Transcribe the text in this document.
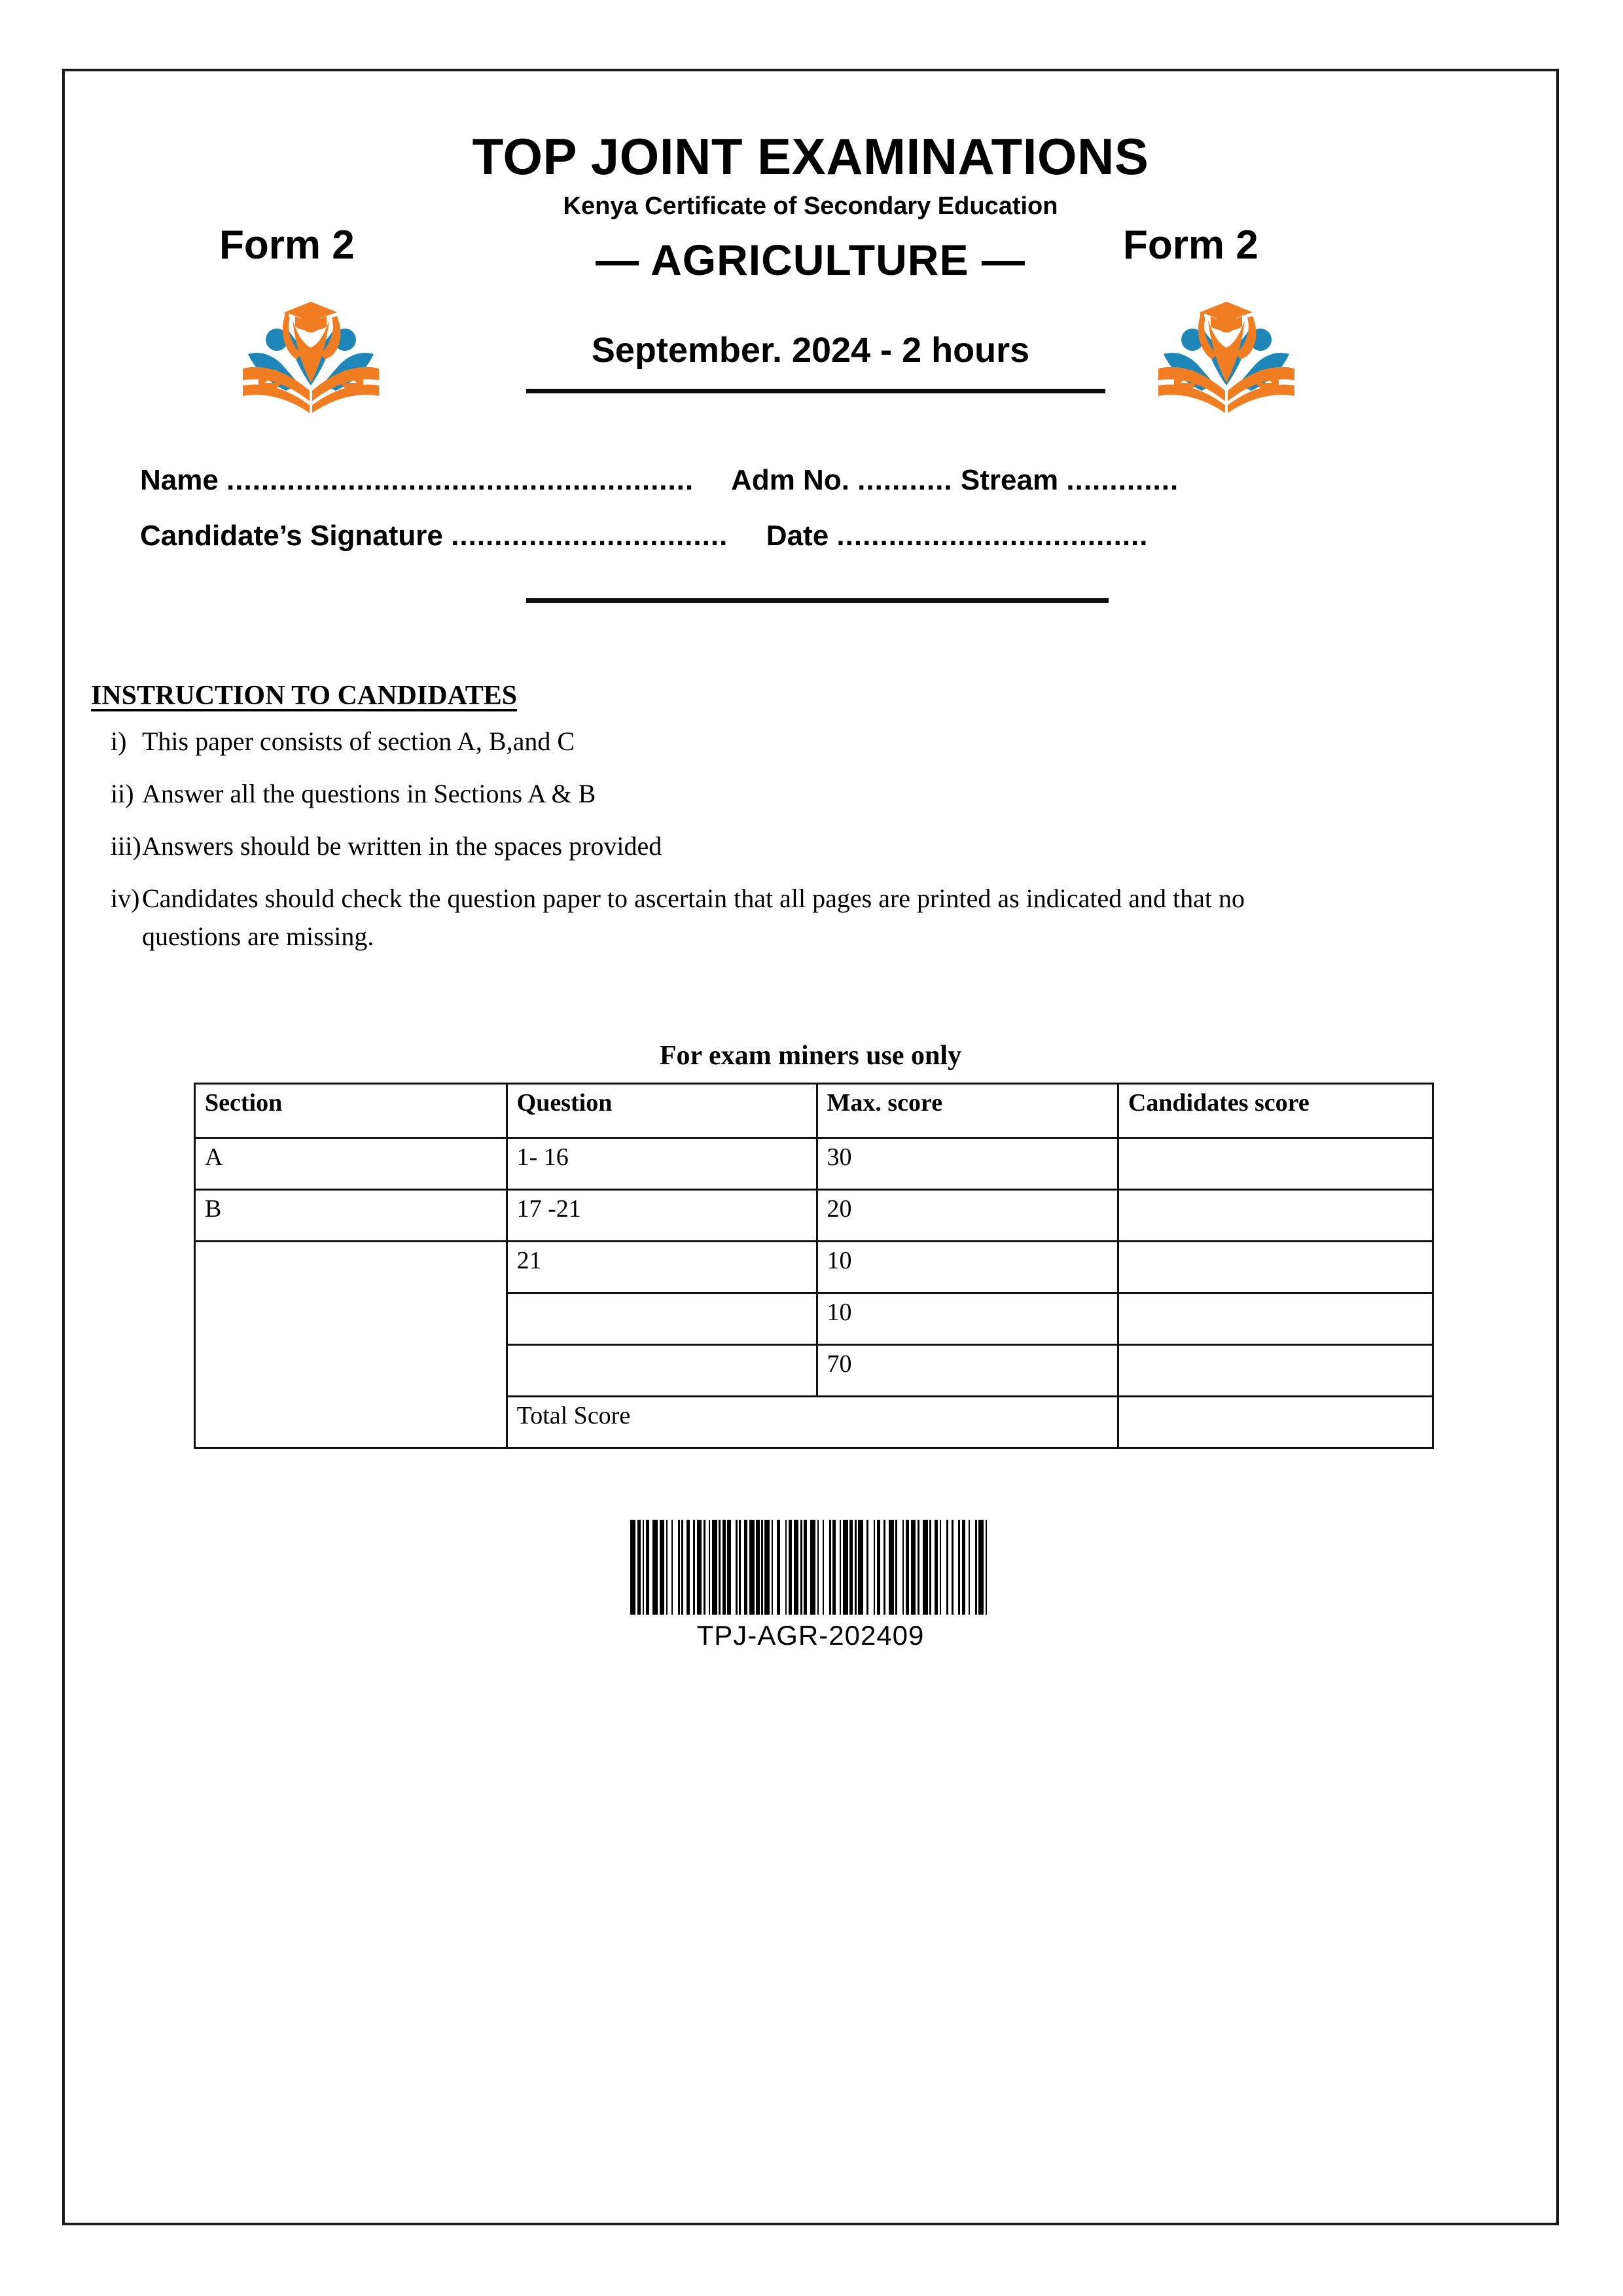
TOP JOINT EXAMINATIONS
Kenya Certificate of Secondary Education
Form 2	Form 2
— AGRICULTURE —
September. 2024 - 2 hours
Name ...................................................... Adm No. ........... Stream .............
Candidate’s Signature ................................ Date ....................................
INSTRUCTION TO CANDIDATES
i) This paper consists of section A, B,and C
ii) Answer all the questions in Sections A & B
iii) Answers should be written in the spaces provided
iv) Candidates should check the question paper to ascertain that all pages are printed as indicated and that no questions are missing.
For exam miners use only
Section	Question	Max. score	Candidates score
A	1- 16	30	
B	17 -21	20	
	21	10	
		10	
		70	
	Total Score		
TPJ-AGR-202409
